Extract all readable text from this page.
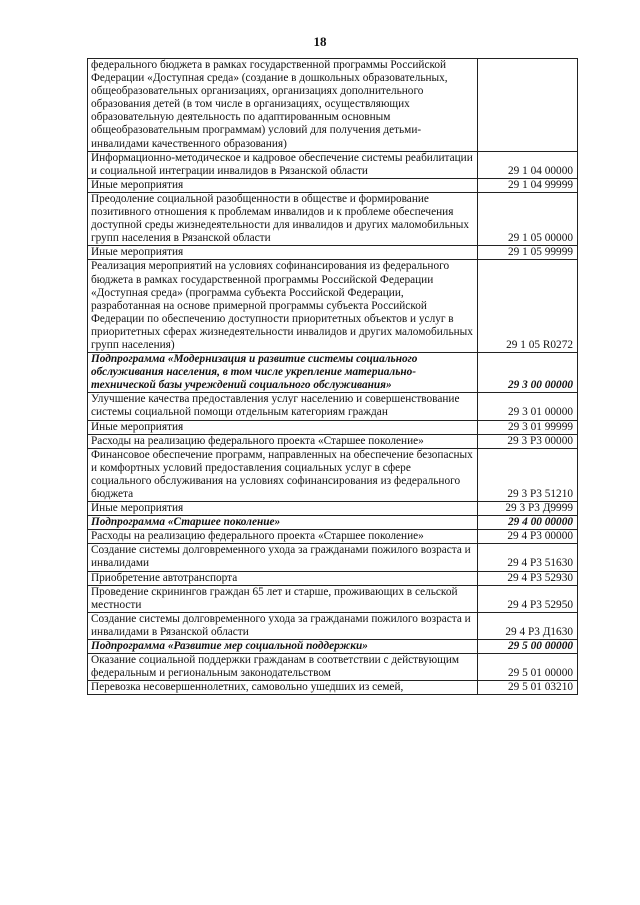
18
федерального бюджета в рамках государственной программы Российской Федерации «Доступная среда» (создание в дошкольных образовательных, общеобразовательных организациях, организациях дополнительного образования детей (в том числе в организациях, осуществляющих образовательную деятельность по адаптированным основным общеобразовательным программам) условий для получения детьми-инвалидами качественного образования)	
Информационно-методическое и кадровое обеспечение системы реабилитации и социальной интеграции инвалидов в Рязанской области	29 1 04 00000
Иные мероприятия	29 1 04 99999
Преодоление социальной разобщенности в обществе и формирование позитивного отношения к проблемам инвалидов и к проблеме обеспечения доступной среды жизнедеятельности для инвалидов и других маломобильных групп населения в Рязанской области	29 1 05 00000
Иные мероприятия	29 1 05 99999
Реализация мероприятий на условиях софинансирования из федерального бюджета в рамках государственной программы Российской Федерации «Доступная среда» (программа субъекта Российской Федерации, разработанная на основе примерной программы субъекта Российской Федерации по обеспечению доступности приоритетных объектов и услуг в приоритетных сферах жизнедеятельности инвалидов и других маломобильных групп населения)	29 1 05 R0272
Подпрограмма «Модернизация и развитие системы социального обслуживания населения, в том числе укрепление материально-технической базы учреждений социального обслуживания»	29 3 00 00000
Улучшение качества предоставления услуг населению и совершенствование системы социальной помощи отдельным категориям граждан	29 3 01 00000
Иные мероприятия	29 3 01 99999
Расходы на реализацию федерального проекта «Старшее поколение»	29 3 P3 00000
Финансовое обеспечение программ, направленных на обеспечение безопасных и комфортных условий предоставления социальных услуг в сфере социального обслуживания на условиях софинансирования из федерального бюджета	29 3 P3 51210
Иные мероприятия	29 3 P3 Д9999
Подпрограмма «Старшее поколение»	29 4 00 00000
Расходы на реализацию федерального проекта «Старшее поколение»	29 4 P3 00000
Создание системы долговременного ухода за гражданами пожилого возраста и инвалидами	29 4 P3 51630
Приобретение автотранспорта	29 4 P3 52930
Проведение скринингов граждан 65 лет и старше, проживающих в сельской местности	29 4 P3 52950
Создание системы долговременного ухода за гражданами пожилого возраста и инвалидами в Рязанской области	29 4 P3 Д1630
Подпрограмма «Развитие мер социальной поддержки»	29 5 00 00000
Оказание социальной поддержки гражданам в соответствии с действующим федеральным и региональным законодательством	29 5 01 00000
Перевозка несовершеннолетних, самовольно ушедших из семей,	29 5 01 03210
